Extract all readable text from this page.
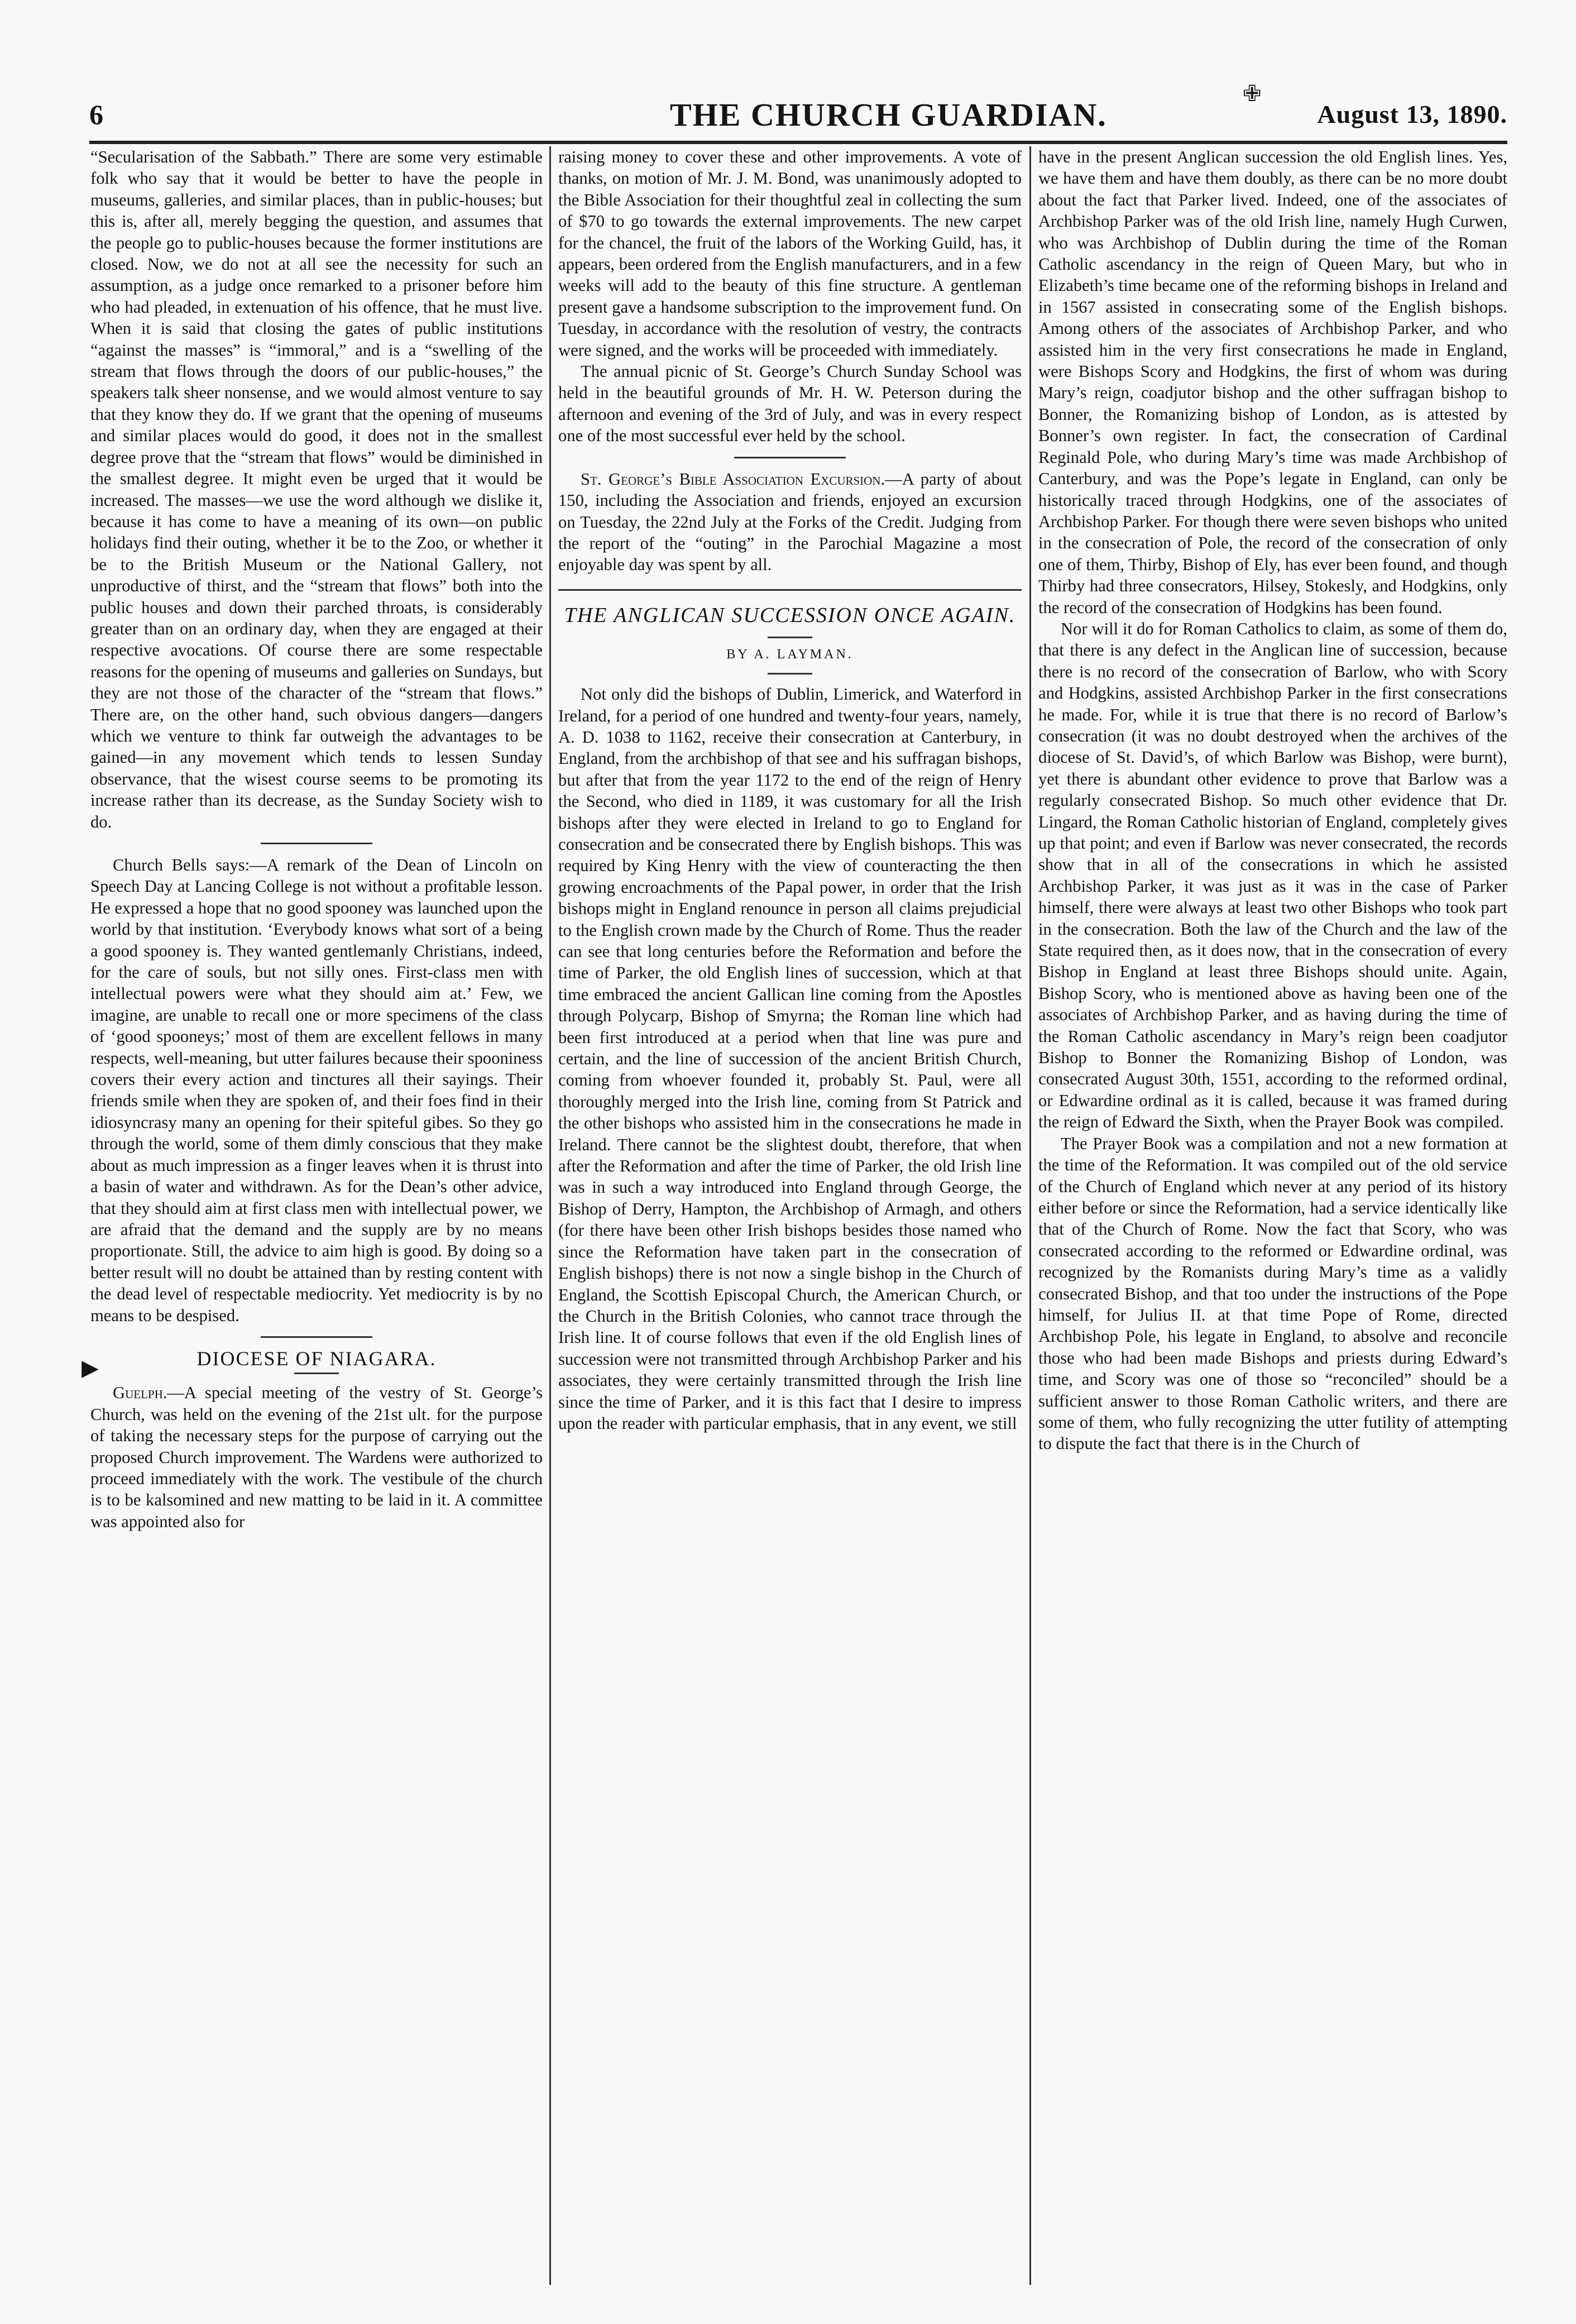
6	THE CHURCH GUARDIAN.	August 13, 1890.
✙
▶

“Secularisation of the Sabbath.” There are some very estimable folk who say that it would be better to have the people in museums, galleries, and similar places, than in public-houses; but this is, after all, merely begging the question, and assumes that the people go to public-houses because the former institutions are closed. Now, we do not at all see the necessity for such an assumption, as a judge once remarked to a prisoner before him who had pleaded, in extenuation of his offence, that he must live. When it is said that closing the gates of public institutions “against the masses” is “immoral,” and is a “swelling of the stream that flows through the doors of our public-houses,” the speakers talk sheer nonsense, and we would almost venture to say that they know they do. If we grant that the opening of museums and similar places would do good, it does not in the smallest degree prove that the “stream that flows” would be diminished in the smallest degree. It might even be urged that it would be increased. The masses—we use the word although we dislike it, because it has come to have a meaning of its own—on public holidays find their outing, whether it be to the Zoo, or whether it be to the British Museum or the National Gallery, not unproductive of thirst, and the “stream that flows” both into the public houses and down their parched throats, is considerably greater than on an ordinary day, when they are engaged at their respective avocations. Of course there are some respectable reasons for the opening of museums and galleries on Sundays, but they are not those of the character of the “stream that flows.” There are, on the other hand, such obvious dangers—dangers which we venture to think far outweigh the advantages to be gained—in any movement which tends to lessen Sunday observance, that the wisest course seems to be promoting its increase rather than its decrease, as the Sunday Society wish to do.

Church Bells says:—A remark of the Dean of Lincoln on Speech Day at Lancing College is not without a profitable lesson. He expressed a hope that no good spooney was launched upon the world by that institution. ‘Everybody knows what sort of a being a good spooney is. They wanted gentlemanly Christians, indeed, for the care of souls, but not silly ones. First-class men with intellectual powers were what they should aim at.’ Few, we imagine, are unable to recall one or more specimens of the class of ‘good spooneys;’ most of them are excellent fellows in many respects, well-meaning, but utter failures because their spooniness covers their every action and tinctures all their sayings. Their friends smile when they are spoken of, and their foes find in their idiosyncrasy many an opening for their spiteful gibes. So they go through the world, some of them dimly conscious that they make about as much impression as a finger leaves when it is thrust into a basin of water and withdrawn. As for the Dean’s other advice, that they should aim at first class men with intellectual power, we are afraid that the demand and the supply are by no means proportionate. Still, the advice to aim high is good. By doing so a better result will no doubt be attained than by resting content with the dead level of respectable mediocrity. Yet mediocrity is by no means to be despised.

DIOCESE OF NIAGARA.

Guelph.—A special meeting of the vestry of St. George’s Church, was held on the evening of the 21st ult. for the purpose of taking the necessary steps for the purpose of carrying out the proposed Church improvement. The Wardens were authorized to proceed immediately with the work. The vestibule of the church is to be kalsomined and new matting to be laid in it. A committee was appointed also for

raising money to cover these and other improvements. A vote of thanks, on motion of Mr. J. M. Bond, was unanimously adopted to the Bible Association for their thoughtful zeal in collecting the sum of $70 to go towards the external improvements. The new carpet for the chancel, the fruit of the labors of the Working Guild, has, it appears, been ordered from the English manufacturers, and in a few weeks will add to the beauty of this fine structure. A gentleman present gave a handsome subscription to the improvement fund. On Tuesday, in accordance with the resolution of vestry, the contracts were signed, and the works will be proceeded with immediately.

The annual picnic of St. George’s Church Sunday School was held in the beautiful grounds of Mr. H. W. Peterson during the afternoon and evening of the 3rd of July, and was in every respect one of the most successful ever held by the school.

St. George’s Bible Association Excursion.—A party of about 150, including the Association and friends, enjoyed an excursion on Tuesday, the 22nd July at the Forks of the Credit. Judging from the report of the “outing” in the Parochial Magazine a most enjoyable day was spent by all.

THE ANGLICAN SUCCESSION ONCE AGAIN.
BY A. LAYMAN.

Not only did the bishops of Dublin, Limerick, and Waterford in Ireland, for a period of one hundred and twenty-four years, namely, A. D. 1038 to 1162, receive their consecration at Canterbury, in England, from the archbishop of that see and his suffragan bishops, but after that from the year 1172 to the end of the reign of Henry the Second, who died in 1189, it was customary for all the Irish bishops after they were elected in Ireland to go to England for consecration and be consecrated there by English bishops. This was required by King Henry with the view of counteracting the then growing encroachments of the Papal power, in order that the Irish bishops might in England renounce in person all claims prejudicial to the English crown made by the Church of Rome. Thus the reader can see that long centuries before the Reformation and before the time of Parker, the old English lines of succession, which at that time embraced the ancient Gallican line coming from the Apostles through Polycarp, Bishop of Smyrna; the Roman line which had been first introduced at a period when that line was pure and certain, and the line of succession of the ancient British Church, coming from whoever founded it, probably St. Paul, were all thoroughly merged into the Irish line, coming from St Patrick and the other bishops who assisted him in the consecrations he made in Ireland. There cannot be the slightest doubt, therefore, that when after the Reformation and after the time of Parker, the old Irish line was in such a way introduced into England through George, the Bishop of Derry, Hampton, the Archbishop of Armagh, and others (for there have been other Irish bishops besides those named who since the Reformation have taken part in the consecration of English bishops) there is not now a single bishop in the Church of England, the Scottish Episcopal Church, the American Church, or the Church in the British Colonies, who cannot trace through the Irish line. It of course follows that even if the old English lines of succession were not transmitted through Archbishop Parker and his associates, they were certainly transmitted through the Irish line since the time of Parker, and it is this fact that I desire to impress upon the reader with particular emphasis, that in any event, we still

have in the present Anglican succession the old English lines. Yes, we have them and have them doubly, as there can be no more doubt about the fact that Parker lived. Indeed, one of the associates of Archbishop Parker was of the old Irish line, namely Hugh Curwen, who was Archbishop of Dublin during the time of the Roman Catholic ascendancy in the reign of Queen Mary, but who in Elizabeth’s time became one of the reforming bishops in Ireland and in 1567 assisted in consecrating some of the English bishops. Among others of the associates of Archbishop Parker, and who assisted him in the very first consecrations he made in England, were Bishops Scory and Hodgkins, the first of whom was during Mary’s reign, coadjutor bishop and the other suffragan bishop to Bonner, the Romanizing bishop of London, as is attested by Bonner’s own register. In fact, the consecration of Cardinal Reginald Pole, who during Mary’s time was made Archbishop of Canterbury, and was the Pope’s legate in England, can only be historically traced through Hodgkins, one of the associates of Archbishop Parker. For though there were seven bishops who united in the consecration of Pole, the record of the consecration of only one of them, Thirby, Bishop of Ely, has ever been found, and though Thirby had three consecrators, Hilsey, Stokesly, and Hodgkins, only the record of the consecration of Hodgkins has been found.

Nor will it do for Roman Catholics to claim, as some of them do, that there is any defect in the Anglican line of succession, because there is no record of the consecration of Barlow, who with Scory and Hodgkins, assisted Archbishop Parker in the first consecrations he made. For, while it is true that there is no record of Barlow’s consecration (it was no doubt destroyed when the archives of the diocese of St. David’s, of which Barlow was Bishop, were burnt), yet there is abundant other evidence to prove that Barlow was a regularly consecrated Bishop. So much other evidence that Dr. Lingard, the Roman Catholic historian of England, completely gives up that point; and even if Barlow was never consecrated, the records show that in all of the consecrations in which he assisted Archbishop Parker, it was just as it was in the case of Parker himself, there were always at least two other Bishops who took part in the consecration. Both the law of the Church and the law of the State required then, as it does now, that in the consecration of every Bishop in England at least three Bishops should unite. Again, Bishop Scory, who is mentioned above as having been one of the associates of Archbishop Parker, and as having during the time of the Roman Catholic ascendancy in Mary’s reign been coadjutor Bishop to Bonner the Romanizing Bishop of London, was consecrated August 30th, 1551, according to the reformed ordinal, or Edwardine ordinal as it is called, because it was framed during the reign of Edward the Sixth, when the Prayer Book was compiled.

The Prayer Book was a compilation and not a new formation at the time of the Reformation. It was compiled out of the old service of the Church of England which never at any period of its history either before or since the Reformation, had a service identically like that of the Church of Rome. Now the fact that Scory, who was consecrated according to the reformed or Edwardine ordinal, was recognized by the Romanists during Mary’s time as a validly consecrated Bishop, and that too under the instructions of the Pope himself, for Julius II. at that time Pope of Rome, directed Archbishop Pole, his legate in England, to absolve and reconcile those who had been made Bishops and priests during Edward’s time, and Scory was one of those so “reconciled” should be a sufficient answer to those Roman Catholic writers, and there are some of them, who fully recognizing the utter futility of attempting to dispute the fact that there is in the Church of
